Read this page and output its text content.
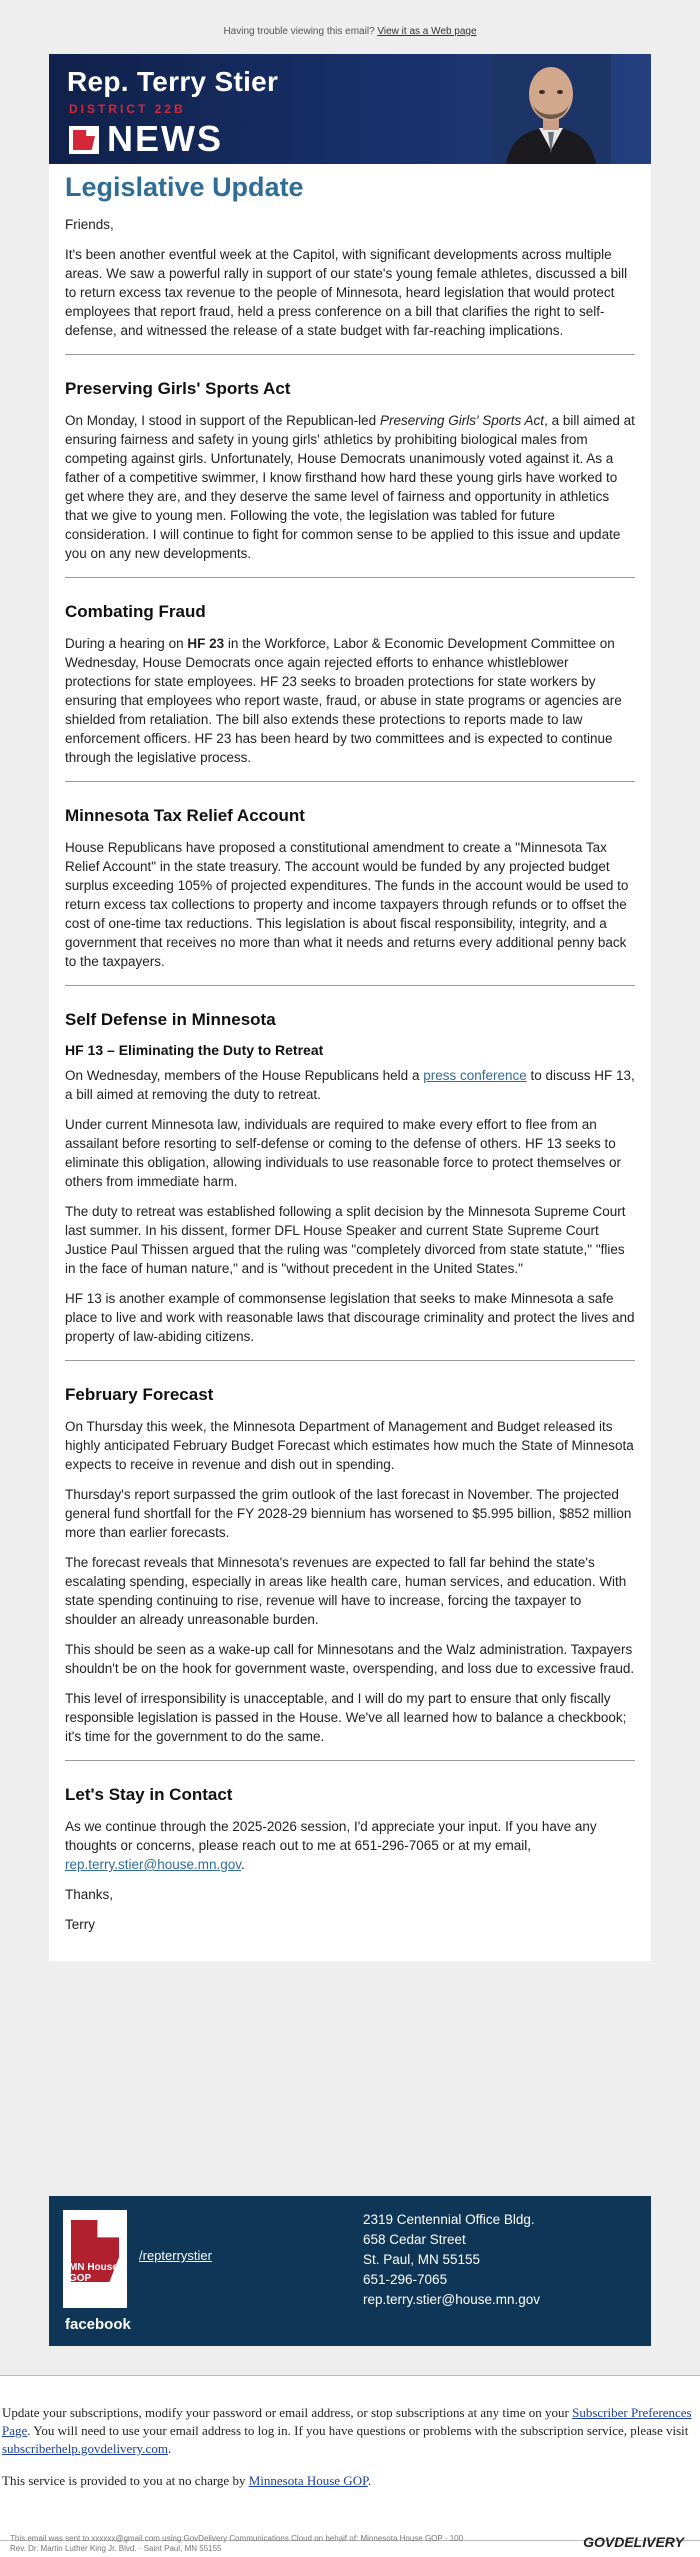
Having trouble viewing this email? View it as a Web page
Rep. Terry Stier
DISTRICT 22B
NEWS
Legislative Update

Friends,

It's been another eventful week at the Capitol, with significant developments across multiple areas. We saw a powerful rally in support of our state's young female athletes, discussed a bill to return excess tax revenue to the people of Minnesota, heard legislation that would protect employees that report fraud, held a press conference on a bill that clarifies the right to self-defense, and witnessed the release of a state budget with far-reaching implications.

Preserving Girls' Sports Act

On Monday, I stood in support of the Republican-led Preserving Girls' Sports Act, a bill aimed at ensuring fairness and safety in young girls' athletics by prohibiting biological males from competing against girls. Unfortunately, House Democrats unanimously voted against it. As a father of a competitive swimmer, I know firsthand how hard these young girls have worked to get where they are, and they deserve the same level of fairness and opportunity in athletics that we give to young men. Following the vote, the legislation was tabled for future consideration. I will continue to fight for common sense to be applied to this issue and update you on any new developments.

Combating Fraud

During a hearing on HF 23 in the Workforce, Labor & Economic Development Committee on Wednesday, House Democrats once again rejected efforts to enhance whistleblower protections for state employees. HF 23 seeks to broaden protections for state workers by ensuring that employees who report waste, fraud, or abuse in state programs or agencies are shielded from retaliation. The bill also extends these protections to reports made to law enforcement officers. HF 23 has been heard by two committees and is expected to continue through the legislative process.

Minnesota Tax Relief Account

House Republicans have proposed a constitutional amendment to create a "Minnesota Tax Relief Account" in the state treasury. The account would be funded by any projected budget surplus exceeding 105% of projected expenditures. The funds in the account would be used to return excess tax collections to property and income taxpayers through refunds or to offset the cost of one-time tax reductions. This legislation is about fiscal responsibility, integrity, and a government that receives no more than what it needs and returns every additional penny back to the taxpayers.

Self Defense in Minnesota
HF 13 – Eliminating the Duty to Retreat

On Wednesday, members of the House Republicans held a press conference to discuss HF 13, a bill aimed at removing the duty to retreat.

Under current Minnesota law, individuals are required to make every effort to flee from an assailant before resorting to self-defense or coming to the defense of others. HF 13 seeks to eliminate this obligation, allowing individuals to use reasonable force to protect themselves or others from immediate harm.

The duty to retreat was established following a split decision by the Minnesota Supreme Court last summer. In his dissent, former DFL House Speaker and current State Supreme Court Justice Paul Thissen argued that the ruling was "completely divorced from state statute," "flies in the face of human nature," and is "without precedent in the United States."

HF 13 is another example of commonsense legislation that seeks to make Minnesota a safe place to live and work with reasonable laws that discourage criminality and protect the lives and property of law-abiding citizens.

February Forecast

On Thursday this week, the Minnesota Department of Management and Budget released its highly anticipated February Budget Forecast which estimates how much the State of Minnesota expects to receive in revenue and dish out in spending.

Thursday's report surpassed the grim outlook of the last forecast in November. The projected general fund shortfall for the FY 2028-29 biennium has worsened to $5.995 billion, $852 million more than earlier forecasts.

The forecast reveals that Minnesota's revenues are expected to fall far behind the state's escalating spending, especially in areas like health care, human services, and education. With state spending continuing to rise, revenue will have to increase, forcing the taxpayer to shoulder an already unreasonable burden.

This should be seen as a wake-up call for Minnesotans and the Walz administration. Taxpayers shouldn't be on the hook for government waste, overspending, and loss due to excessive fraud.

This level of irresponsibility is unacceptable, and I will do my part to ensure that only fiscally responsible legislation is passed in the House. We've all learned how to balance a checkbook; it's time for the government to do the same.

Let's Stay in Contact

As we continue through the 2025-2026 session, I'd appreciate your input. If you have any thoughts or concerns, please reach out to me at 651-296-7065 or at my email,
rep.terry.stier@house.mn.gov.

Thanks,

Terry

MN House GOP
facebook
/repterrystier
2319 Centennial Office Bldg.
658 Cedar Street
St. Paul, MN 55155
651-296-7065
rep.terry.stier@house.mn.gov

Update your subscriptions, modify your password or email address, or stop subscriptions at any time on your Subscriber Preferences Page. You will need to use your email address to log in. If you have questions or problems with the subscription service, please visit subscriberhelp.govdelivery.com.

This service is provided to you at no charge by Minnesota House GOP.

This email was sent to xxxxxx@gmail.com using GovDelivery Communications Cloud on behalf of: Minnesota House GOP · 100
Rev. Dr. Martin Luther King Jr. Blvd. · Saint Paul, MN 55155	GOVDELIVERY
